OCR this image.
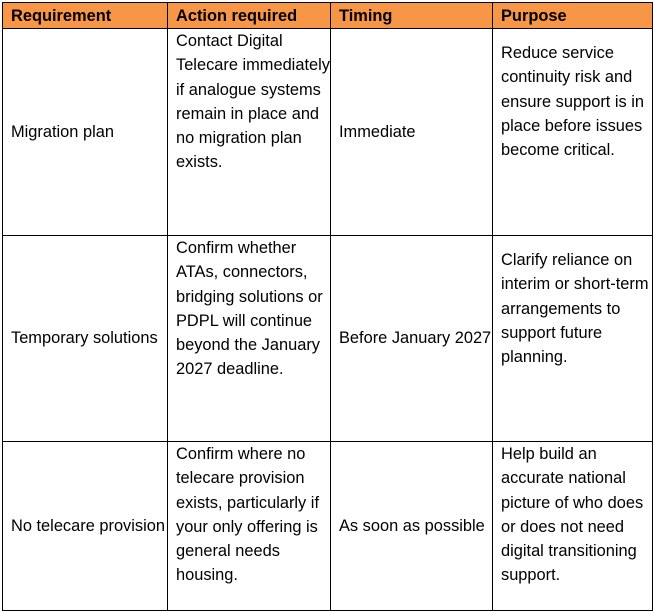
Requirement	Action required	Timing	Purpose
Migration plan	Contact Digital Telecare immediately if analogue systems remain in place and no migration plan exists.	Immediate	Reduce service continuity risk and ensure support is in place before issues become critical.
Temporary solutions	Confirm whether ATAs, connectors, bridging solutions or PDPL will continue beyond the January 2027 deadline.	Before January 2027	Clarify reliance on interim or short-term arrangements to support future planning.
No telecare provision	Confirm where no telecare provision exists, particularly if your only offering is general needs housing.	As soon as possible	Help build an accurate national picture of who does or does not need digital transitioning support.
